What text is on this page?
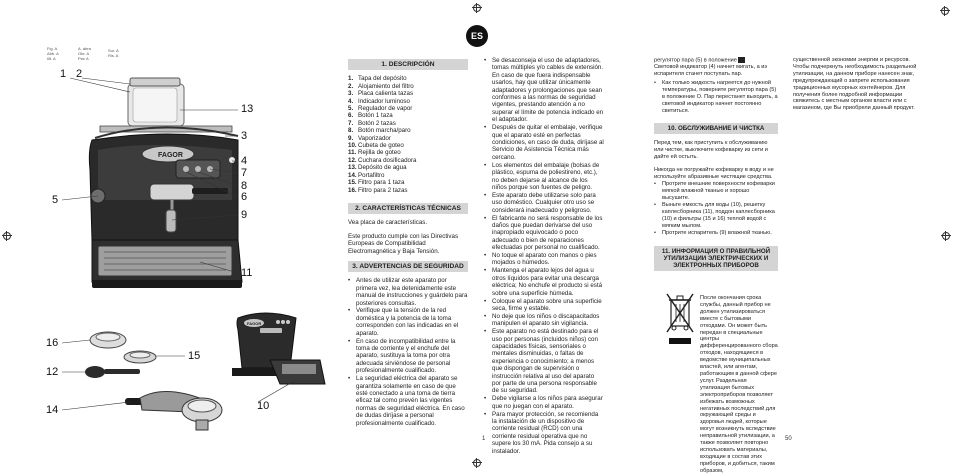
Fig. A
Abb. A
Illt. A
A. ábra
Obr. A
Рис А
Sur. A
Ris. A
FAGOR
FAGOR
1 2
13
3
4
7
8
6
5
9
11
16
15
12
14	10
ES
1. DESCRIPCIÓN
1. Tapa del depósito
2. Alojamiento del filtro
3. Placa calienta tazas
4. Indicador luminoso
5. Regulador de vapor
6. Botón 1 taza
7. Botón 2 tazas
8. Botón marcha/paro
9. Vaporizador
10.Cubeta de goteo
11. Rejilla de goteo
12.Cuchara dosificadora
13.Depósito de agua
14.Portafiltro
15.Filtro para 1 taza
16.Filtro para 2 tazas
2. CARACTERÍSTICAS TÉCNICAS
Vea placa de características.
Este producto cumple con las Directivas Europeas de Compatibilidad Electromagnética y Baja Tensión.
3. ADVERTENCIAS DE SEGURIDAD
• Antes de utilizar este aparato por primera vez, lea detenidamente este manual de instrucciones y guárdelo para posteriores consultas.
• Verifique que la tensión de la red doméstica y la potencia de la toma corresponden con las indicadas en el aparato.
• En caso de incompatibilidad entre la toma de corriente y el enchufe del aparato, sustituya la toma por otra adecuada sirviéndose de personal profesionalmente cualificado.
• La seguridad eléctrica del aparato se garantiza solamente en caso de que esté conectado a una toma de tierra eficaz tal como prevén las vigentes normas de seguridad eléctrica. En caso de dudas diríjase a personal profesionalmente cualificado.
• Se desaconseja el uso de adaptadores, tomas múltiples y/o cables de extensión. En caso de que fuera indispensable usarlos, hay que utilizar únicamente adaptadores y prolongaciones que sean conformes a las normas de seguridad vigentes, prestando atención a no superar el límite de potencia indicado en el adaptador.
• Después de quitar el embalaje, verifique que el aparato esté en perfectas condiciones, en caso de duda, diríjase al Servicio de Asistencia Técnica más cercano.
• Los elementos del embalaje (bolsas de plástico, espuma de poliestireno, etc.), no deben dejarse al alcance de los niños porque son fuentes de peligro.
• Este aparato debe utilizarse solo para uso doméstico. Cualquier otro uso se considerará inadecuado y peligroso.
• El fabricante no será responsable de los daños que puedan derivarse del uso inapropiado equivocado o poco adecuado o bien de reparaciones efectuadas por personal no cualificado.
• No toque el aparato con manos o pies mojados o húmedos.
• Mantenga el aparato lejos del agua u otros líquidos para evitar una descarga eléctrica; No enchufe el producto si está sobre una superficie húmeda.
• Coloque el aparato sobre una superficie seca, firme y estable.
• No deje que los niños o discapacitados manipulen el aparato sin vigilancia.
• Este aparato no está destinado para el uso por personas (incluidos niños) con capacidades físicas, sensoriales o mentales disminuidas, o faltas de experiencia o conocimiento; a menos que dispongan de supervisión o instrucción relativa al uso del aparato por parte de una persona responsable de su seguridad.
• Debe vigilarse a los niños para asegurar que no juegan con el aparato.
• Para mayor protección, se recomienda la instalación de un dispositivo de corriente residual (RCD) con una corriente residual operativa que no supere los 30 mA. Pida consejo a su instalador.
1
регулятор пара (5) в положение
Световой индикатор (4) начнет мигать, а из испарителя станет поступать пар.
• Как только жидкость нагреется до нужной температуры, поверните регулятор пара (5) в положение O. Пар перестанет выходить, а световой индикатор начнет постоянно светиться.
10. ОБСЛУЖИВАНИЕ И ЧИСТКА
Перед тем, как приступить к обслуживанию или чистке, выключите кофеварку из сети и дайте ей остыть.
Никогда не погружайте кофеварку в воду и не используйте абразивные чистящие средства.
• Протрите внешние поверхности кофеварки мягкой влажной тканью и хорошо высушите.
• Выньте емкость для воды (10), решетку каплесборника (11), поддон каплесборника (10) и фильтры (15 и 16) теплой водой с мягким мылом.
• Протрите испаритель (9) влажной тканью.
11. ИНФОРМАЦИЯ О ПРАВИЛЬНОЙ УТИЛИЗАЦИИ ЭЛЕКТРИЧЕСКИХ И ЭЛЕКТРОННЫХ ПРИБОРОВ
После окончания срока службы, данный прибор не должен утилизироваться вместе с бытовыми отходами. Он может быть передан в специальные центры дифференцированного сбора отходов, находящиеся в ведомстве муниципальных властей, или агентам, работающим в данной сфере услуг. Раздельная утилизация бытовых электроприборов позволяет избежать возможных негативных последствий для окружающей среды и здоровья людей, которые могут возникнуть вследствие неправильной утилизации, а также позволяет повторно использовать материалы, входящие в состав этих приборов, и добиться, таким образом,
существенной экономии энергии и ресурсов. Чтобы подчеркнуть необходимость раздельной утилизации, на данном приборе нанесен знак, предупреждающий о запрете использования традиционных мусорных контейнеров. Для получения более подробной информации свяжитесь с местным органом власти или с магазином, где Вы приобрели данный продукт.
50
